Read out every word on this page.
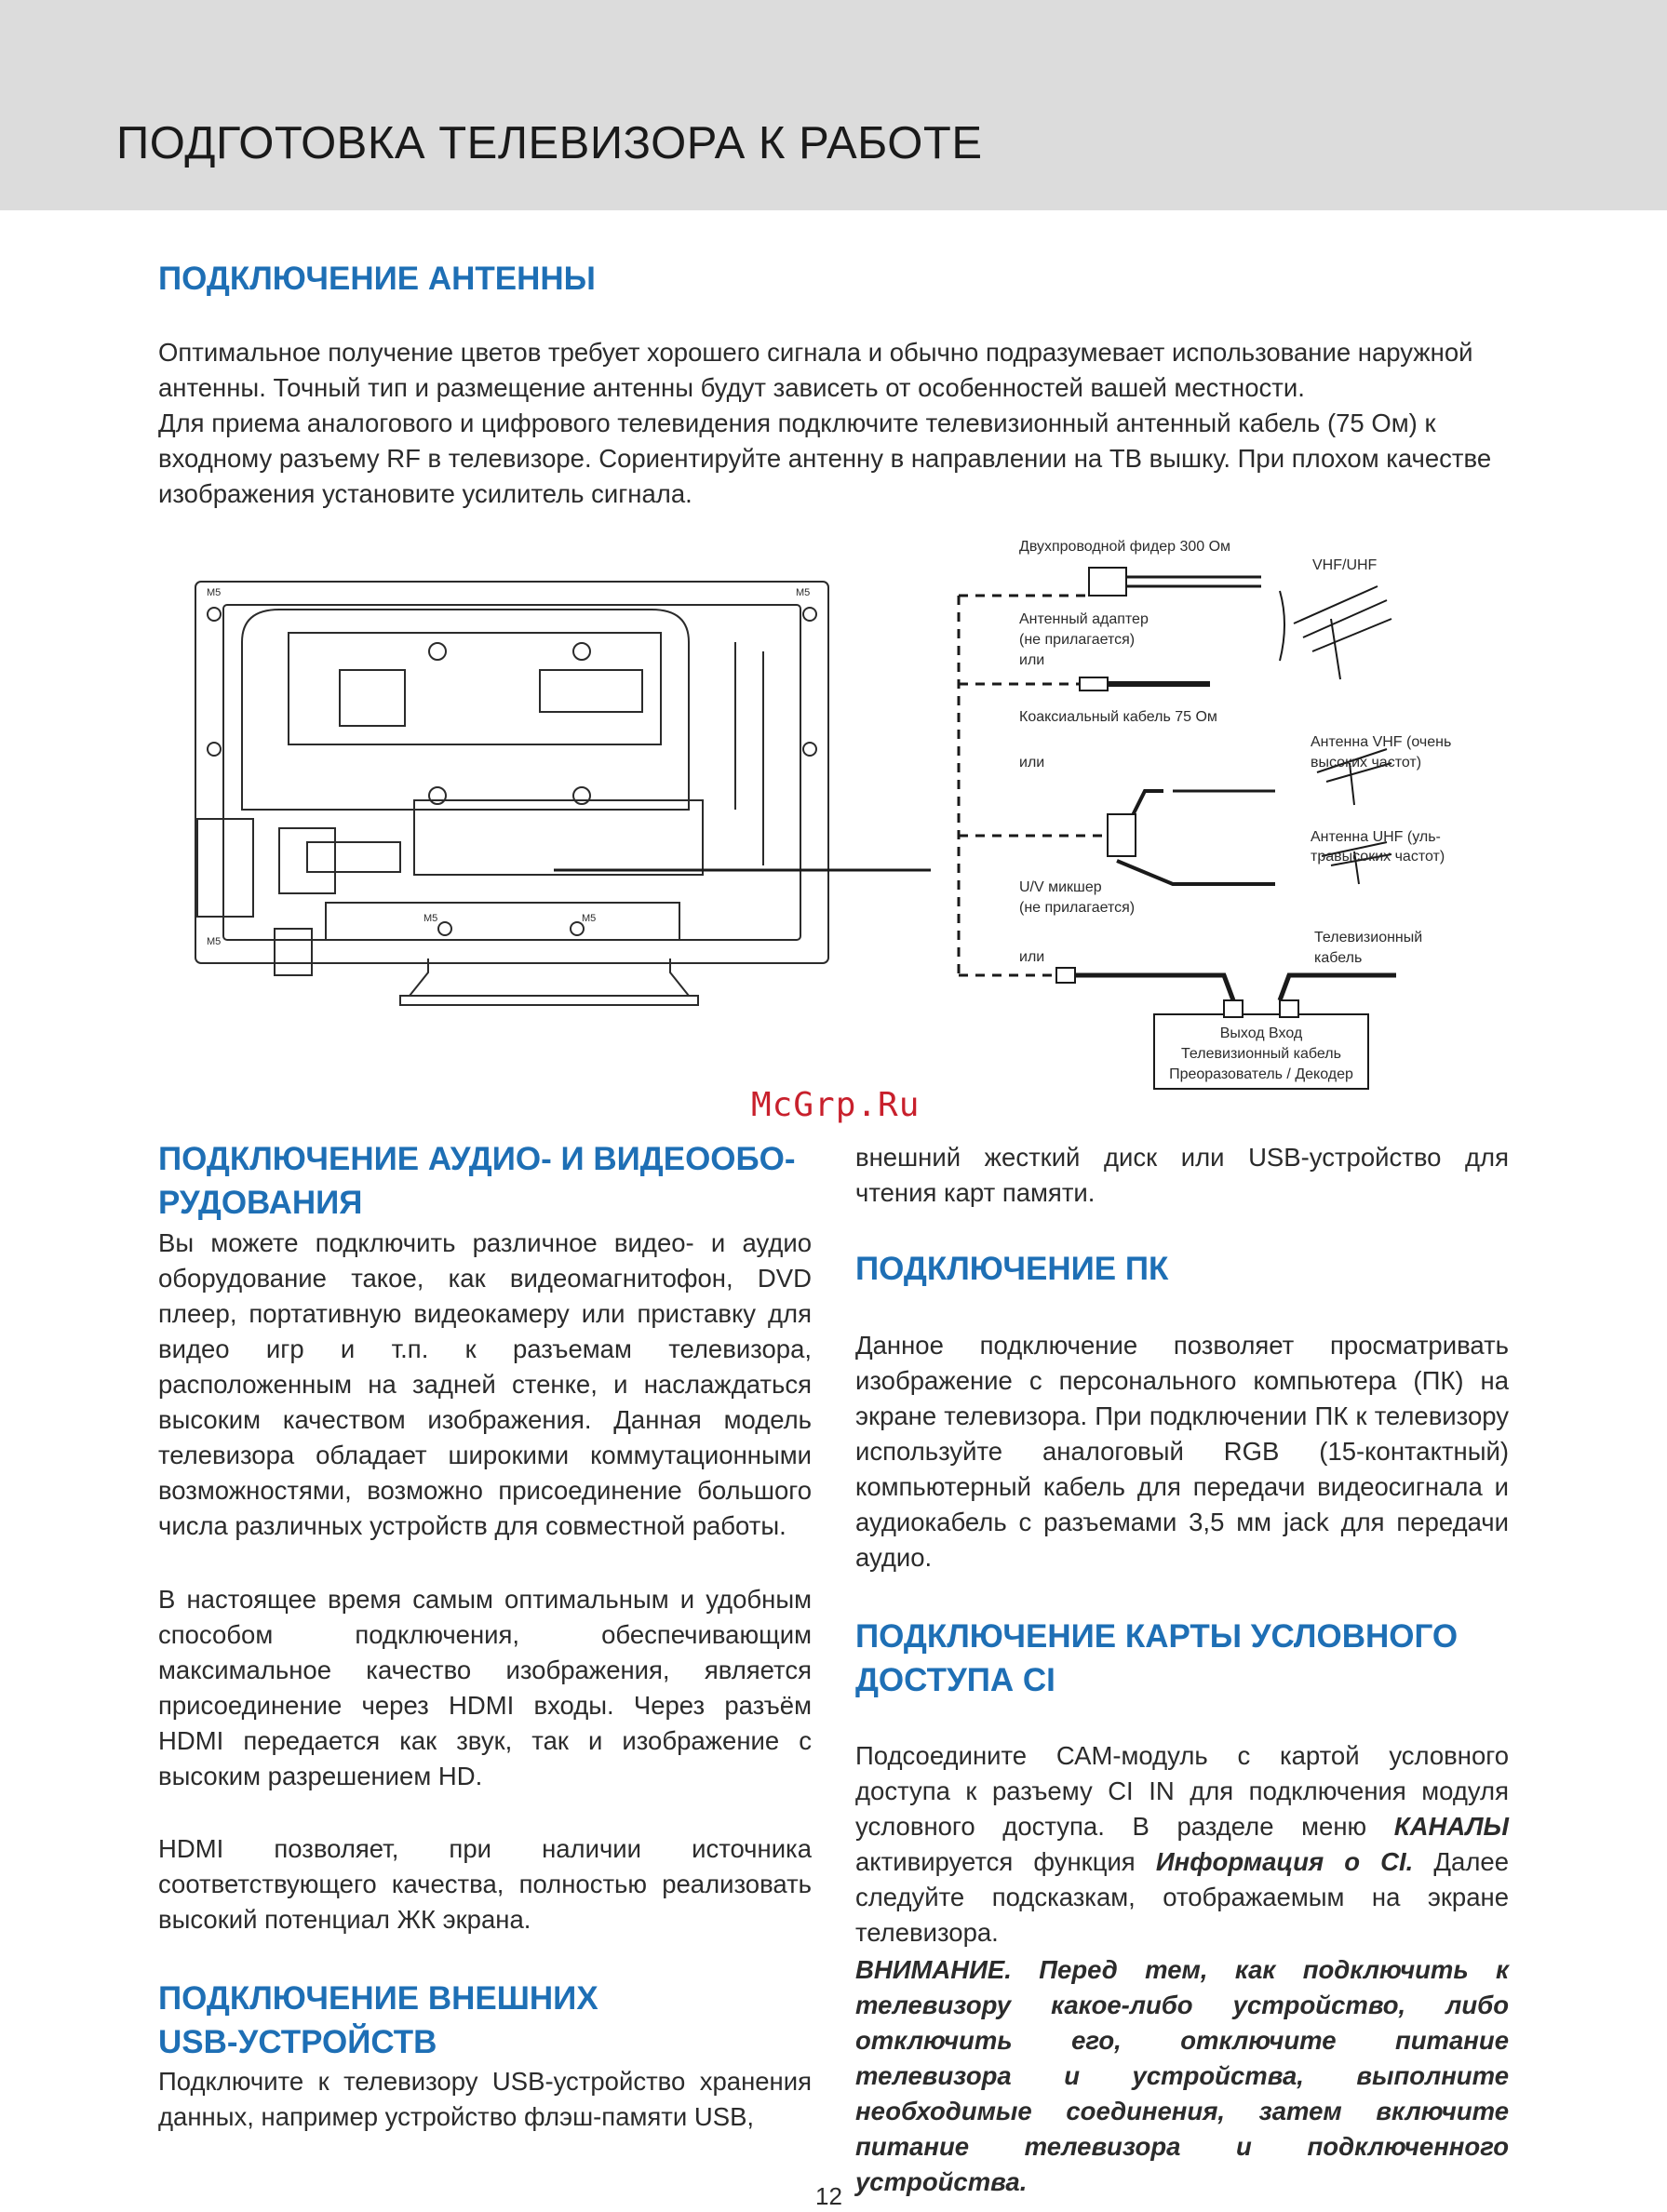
ПОДГОТОВКА ТЕЛЕВИЗОРА К РАБОТЕ
ПОДКЛЮЧЕНИЕ АНТЕННЫ
Оптимальное получение цветов требует хорошего сигнала и обычно подразумевает использование наружной
антенны. Точный тип и размещение антенны будут зависеть от особенностей вашей местности.
Для приема аналогового и цифрового телевидения подключите телевизионный антенный кабель (75 Ом) к
входному разъему RF в телевизоре. Сориентируйте антенну в направлении на ТВ вышку. При плохом качестве
изображения установите усилитель сигнала.
M5	M5
M5	M5
M5
Двухпроводной фидер 300 Ом
VHF/UHF
Антенный адаптер
(не прилагается)
или
Коаксиальный кабель 75 Ом
или
Антенна VHF (очень
высоких частот)
Антенна UHF (уль-
травысоких частот)
U/V микшер
(не прилагается)
Телевизионный
кабель
или
Выход Вход
Телевизионный кабель
Преоразователь / Декодер
McGrp.Ru
ПОДКЛЮЧЕНИЕ АУДИО- И ВИДЕООБО-
РУДОВАНИЯ

Вы можете подключить различное видео- и аудио оборудование такое, как видеомагнитофон, DVD плеер, портативную видеокамеру или приставку для видео игр и т.п. к разъемам телевизора, расположенным на задней стенке, и наслаждаться высоким качеством изображения. Данная модель телевизора обладает широкими коммутационными возможностями, возможно присоединение большого числа различных устройств для совместной работы.

В настоящее время самым оптимальным и удобным способом подключения, обеспечивающим максимальное качество изображения, является присоединение через HDMI входы. Через разъём HDMI передается как звук, так и изображение с высоким разрешением HD.

HDMI позволяет, при наличии источника соответствующего качества, полностью реализовать высокий потенциал ЖК экрана.

ПОДКЛЮЧЕНИЕ ВНЕШНИХ
USB-УСТРОЙСТВ

Подключите к телевизору USB-устройство хранения данных, например устройство флэш-памяти USB,

внешний жесткий диск или USB-устройство для чтения карт памяти.

ПОДКЛЮЧЕНИЕ ПК

Данное подключение позволяет просматривать изображение с персонального компьютера (ПК) на экране телевизора. При подключении ПК к телевизору используйте аналоговый RGB (15-контактный) компьютерный кабель для передачи видеосигнала и аудиокабель с разъемами 3,5 мм jack для передачи аудио.

ПОДКЛЮЧЕНИЕ КАРТЫ УСЛОВНОГО
ДОСТУПА CI

Подсоедините САМ-модуль с картой условного доступа к разъему CI IN для подключения модуля условного доступа. В разделе меню КАНАЛЫ активируется функция Информация о CI. Далее следуйте подсказкам, отображаемым на экране телевизора.

ВНИМАНИЕ. Перед тем, как подключить к телевизору какое-либо устройство, либо отключить его, отключите питание телевизора и устройства, выполните необходимые соединения, затем включите питание телевизора и подключенного устройства.

12
